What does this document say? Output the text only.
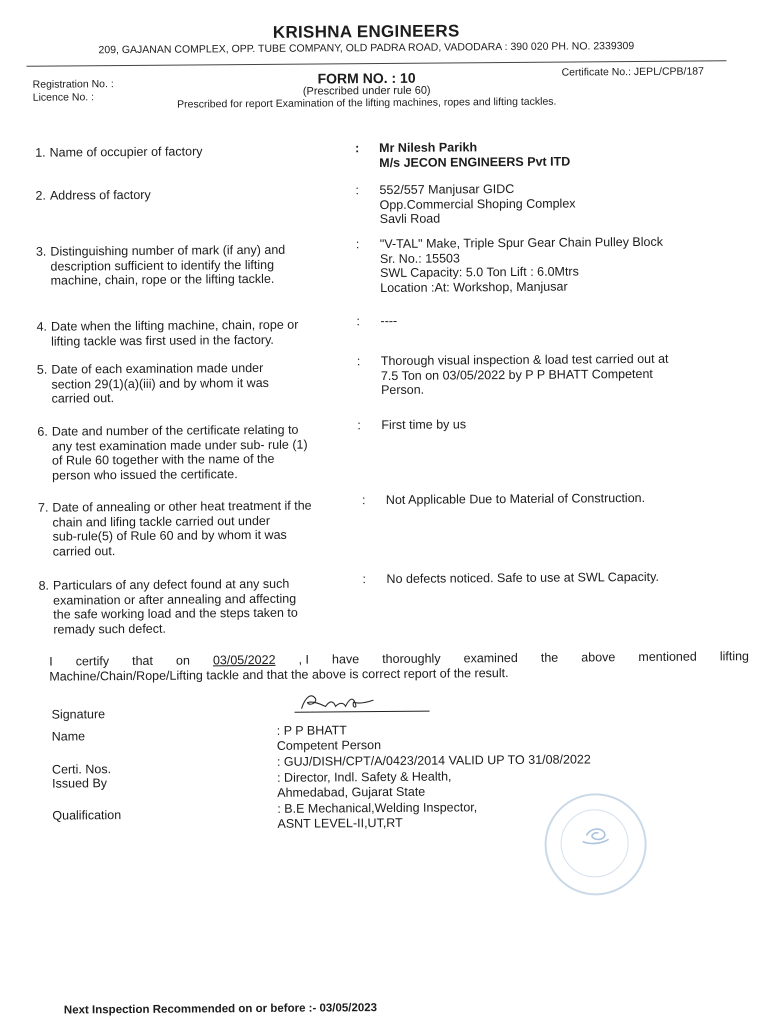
KRISHNA ENGINEERS
209, GAJANAN COMPLEX, OPP. TUBE COMPANY, OLD PADRA ROAD, VADODARA : 390 020 PH. NO. 2339309
Registration No. :
Licence No. :
Certificate No.: JEPL/CPB/187
FORM NO. : 10
(Prescribed under rule 60)
Prescribed for report Examination of the lifting machines, ropes and lifting tackles.
1. Name of occupier of factory	:	Mr Nilesh Parikh
M/s JECON ENGINEERS Pvt ITD
2. Address of factory	:	552/557 Manjusar GIDC
Opp.Commercial Shoping Complex
Savli Road
3. Distinguishing number of mark (if any) and
description sufficient to identify the lifting
machine, chain, rope or the lifting tackle.
:	"V-TAL" Make, Triple Spur Gear Chain Pulley Block
Sr. No.: 15503
SWL Capacity: 5.0 Ton Lift : 6.0Mtrs
Location :At: Workshop, Manjusar
4. Date when the lifting machine, chain, rope or
lifting tackle was first used in the factory.
:	----
5. Date of each examination made under
section 29(1)(a)(iii) and by whom it was
carried out.
:	Thorough visual inspection & load test carried out at
7.5 Ton on 03/05/2022 by P P BHATT Competent
Person.
6. Date and number of the certificate relating to
any test examination made under sub- rule (1)
of Rule 60 together with the name of the
person who issued the certificate.
:	First time by us
7. Date of annealing or other heat treatment if the
chain and lifing tackle carried out under
sub-rule(5) of Rule 60 and by whom it was
carried out.
:	Not Applicable Due to Material of Construction.
8. Particulars of any defect found at any such
examination or after annealing and affecting
the safe working load and the steps taken to
remady such defect.
:	No defects noticed. Safe to use at SWL Capacity.
I certify that on 03/05/2022 , I have thoroughly examined the above mentioned lifting
Machine/Chain/Rope/Lifting tackle and that the above is correct report of the result.
Signature
Name	: P P BHATT
Competent Person
Certi. Nos.
: GUJ/DISH/CPT/A/0423/2014 VALID UP TO 31/08/2022
Issued By	: Director, Indl. Safety & Health,
Ahmedabad, Gujarat State
Qualification	: B.E Mechanical,Welding Inspector,
ASNT LEVEL-II,UT,RT
Next Inspection Recommended on or before :- 03/05/2023
